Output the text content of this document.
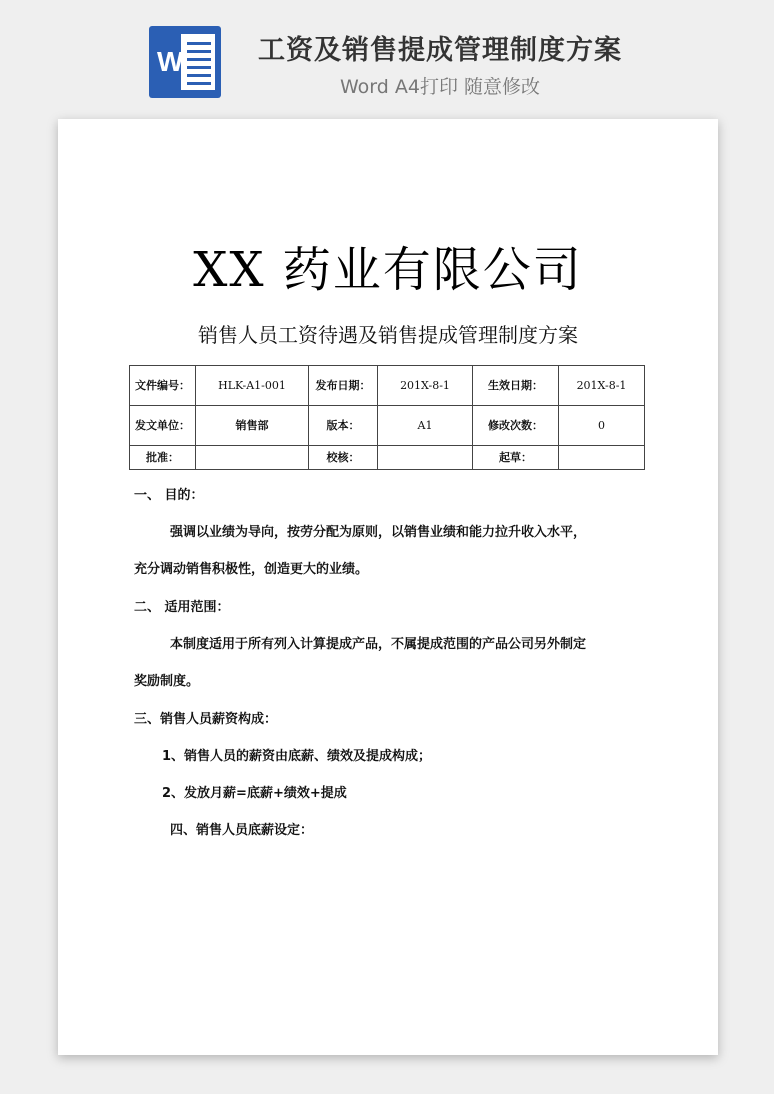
W	工资及销售提成管理制度方案
Word A4打印 随意修改
XX 药业有限公司
销售人员工资待遇及销售提成管理制度方案
文件编号：	HLK-A1-001	发布日期：	201X-8-1	生效日期：	201X-8-1
发文单位：	销售部	版本：	A1	修改次数：	0
批准：		校核：		起草：	
一、 目的：
强调以业绩为导向，按劳分配为原则，以销售业绩和能力拉升收入水平，
充分调动销售积极性，创造更大的业绩。
二、 适用范围：
本制度适用于所有列入计算提成产品，不属提成范围的产品公司另外制定
奖励制度。
三、销售人员薪资构成：
1、销售人员的薪资由底薪、绩效及提成构成；
2、发放月薪=底薪+绩效+提成
四、销售人员底薪设定：
